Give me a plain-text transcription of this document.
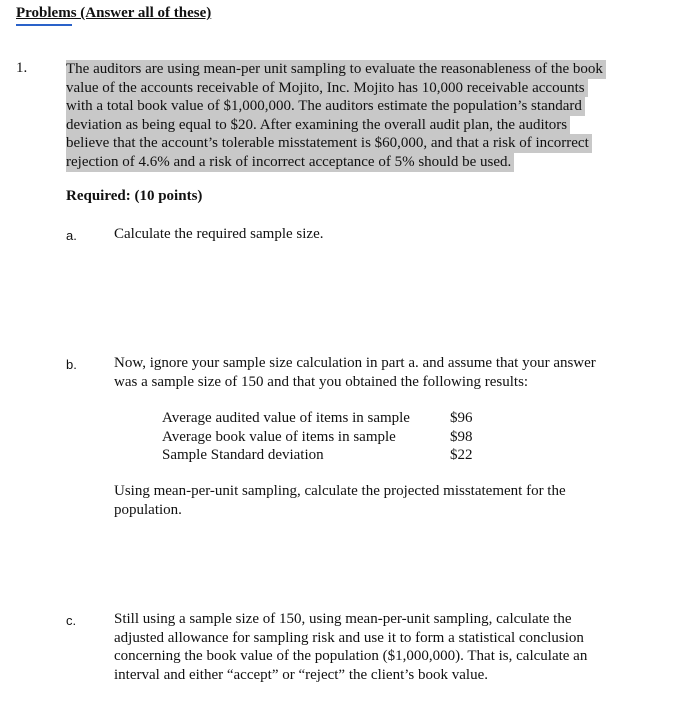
Problems (Answer all of these)
1.	The auditors are using mean-per unit sampling to evaluate the reasonableness of the book
value of the accounts receivable of Mojito, Inc. Mojito has 10,000 receivable accounts
with a total book value of $1,000,000. The auditors estimate the population’s standard
deviation as being equal to $20. After examining the overall audit plan, the auditors
believe that the account’s tolerable misstatement is $60,000, and that a risk of incorrect
rejection of 4.6% and a risk of incorrect acceptance of 5% should be used.
Required: (10 points)
a. Calculate the required sample size.
b. Now, ignore your sample size calculation in part a. and assume that your answer
was a sample size of 150 and that you obtained the following results:
Average audited value of items in sample
Average book value of items in sample
Sample Standard deviation
$96
$98
$22
Using mean-per-unit sampling, calculate the projected misstatement for the
population.
c.	Still using a sample size of 150, using mean-per-unit sampling, calculate the
adjusted allowance for sampling risk and use it to form a statistical conclusion
concerning the book value of the population ($1,000,000). That is, calculate an
interval and either “accept” or “reject” the client’s book value.
